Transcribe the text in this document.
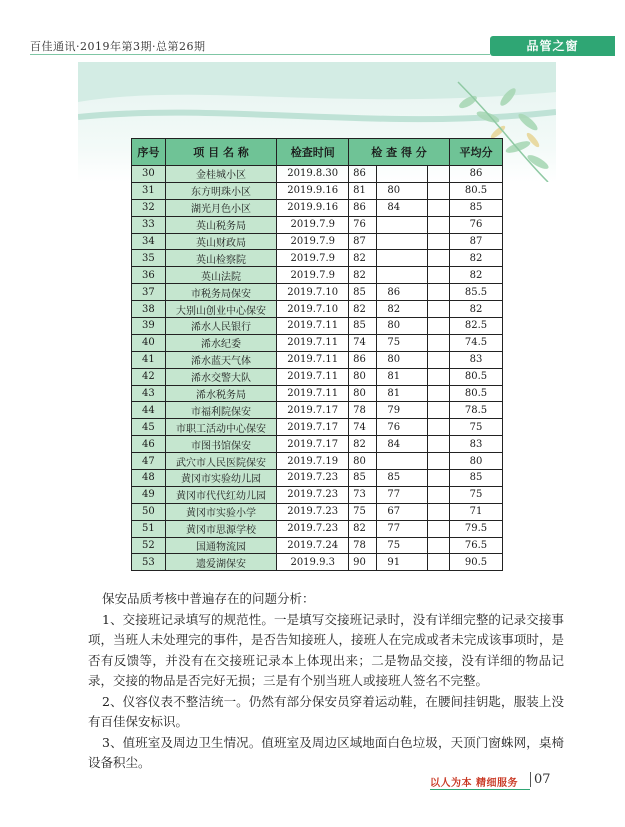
百佳通讯·2019年第3期·总第26期	品管之窗
序号	项 目 名 称	检查时间	检 查 得 分			平均分
30	金桂城小区	2019.8.30	86			86
31	东方明珠小区	2019.9.16	81	80		80.5
32	湖光月色小区	2019.9.16	86	84		85
33	英山税务局	2019.7.9	76			76
34	英山财政局	2019.7.9	87			87
35	英山检察院	2019.7.9	82			82
36	英山法院	2019.7.9	82			82
37	市税务局保安	2019.7.10	85	86		85.5
38	大别山创业中心保安	2019.7.10	82	82		82
39	浠水人民银行	2019.7.11	85	80		82.5
40	浠水纪委	2019.7.11	74	75		74.5
41	浠水蓝天气体	2019.7.11	86	80		83
42	浠水交警大队	2019.7.11	80	81		80.5
43	浠水税务局	2019.7.11	80	81		80.5
44	市福利院保安	2019.7.17	78	79		78.5
45	市职工活动中心保安	2019.7.17	74	76		75
46	市图书馆保安	2019.7.17	82	84		83
47	武穴市人民医院保安	2019.7.19	80			80
48	黄冈市实验幼儿园	2019.7.23	85	85		85
49	黄冈市代代红幼儿园	2019.7.23	73	77		75
50	黄冈市实验小学	2019.7.23	75	67		71
51	黄冈市思源学校	2019.7.23	82	77		79.5
52	国通物流园	2019.7.24	78	75		76.5
53	遗爱湖保安	2019.9.3	90	91		90.5

保安品质考核中普遍存在的问题分析：

1、交接班记录填写的规范性。一是填写交接班记录时，没有详细完整的记录交接事项，当班人未处理完的事件，是否告知接班人，接班人在完成或者未完成该事项时，是否有反馈等，并没有在交接班记录本上体现出来；二是物品交接，没有详细的物品记录，交接的物品是否完好无损；三是有个别当班人或接班人签名不完整。

2、仪容仪表不整洁统一。仍然有部分保安员穿着运动鞋，在腰间挂钥匙，服装上没有百佳保安标识。

3、值班室及周边卫生情况。值班室及周边区域地面白色垃圾，天顶门窗蛛网，桌椅设备积尘。

以人为本 精细服务	07
